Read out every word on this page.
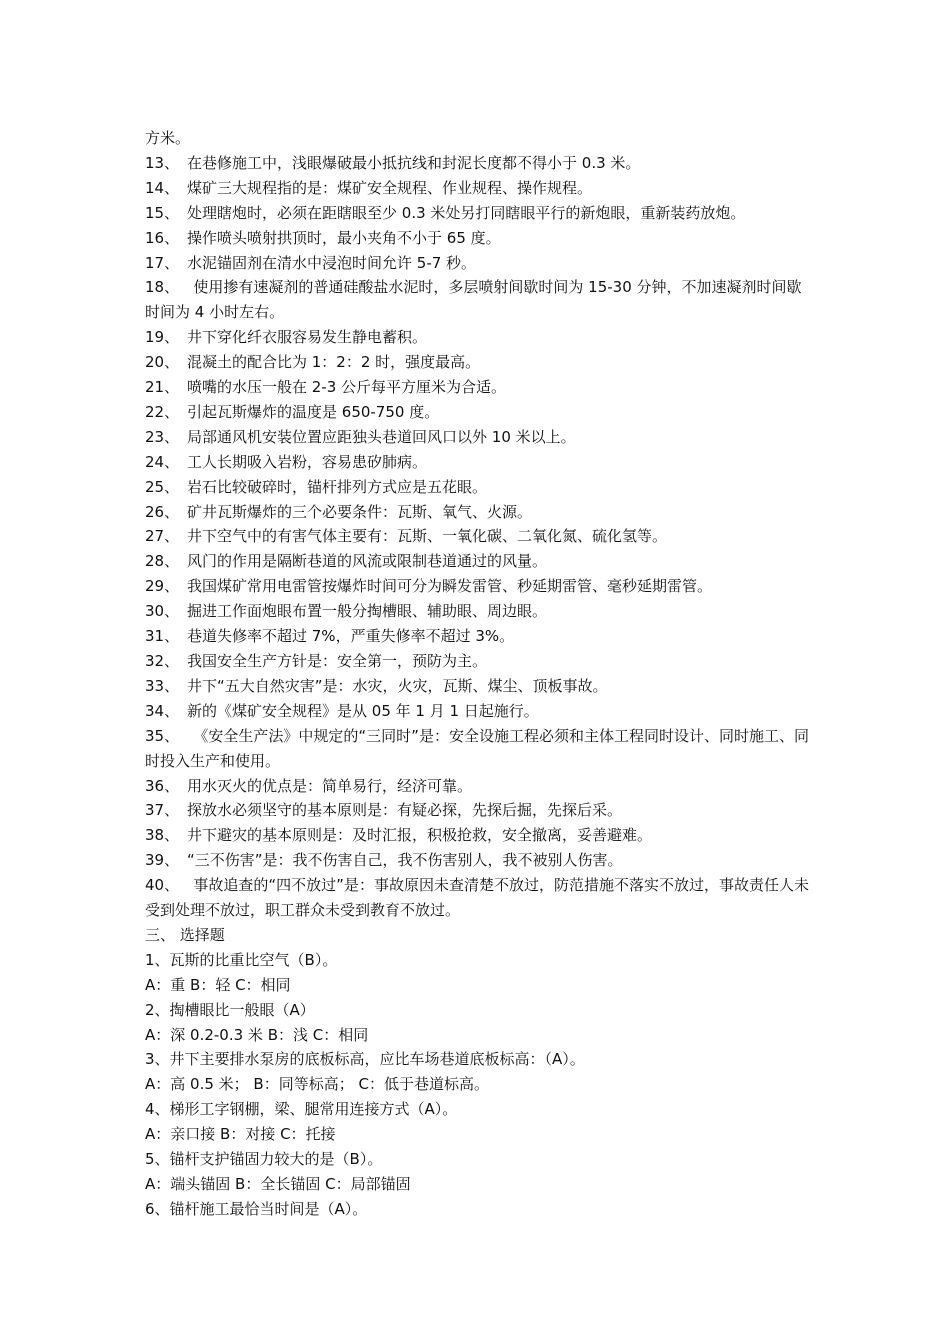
方米。
13、 在巷修施工中，浅眼爆破最小抵抗线和封泥长度都不得小于 0.3 米。
14、 煤矿三大规程指的是：煤矿安全规程、作业规程、操作规程。
15、 处理瞎炮时，必须在距瞎眼至少 0.3 米处另打同瞎眼平行的新炮眼，重新装药放炮。
16、 操作喷头喷射拱顶时，最小夹角不小于 65 度。
17、 水泥锚固剂在清水中浸泡时间允许 5-7 秒。
18、 使用掺有速凝剂的普通硅酸盐水泥时，多层喷射间歇时间为 15-30 分钟，不加速凝剂时间歇时间为 4 小时左右。
19、 井下穿化纤衣服容易发生静电蓄积。
20、 混凝土的配合比为 1：2：2 时，强度最高。
21、 喷嘴的水压一般在 2-3 公斤每平方厘米为合适。
22、 引起瓦斯爆炸的温度是 650-750 度。
23、 局部通风机安装位置应距独头巷道回风口以外 10 米以上。
24、 工人长期吸入岩粉，容易患矽肺病。
25、 岩石比较破碎时，锚杆排列方式应是五花眼。
26、 矿井瓦斯爆炸的三个必要条件：瓦斯、氧气、火源。
27、 井下空气中的有害气体主要有：瓦斯、一氧化碳、二氧化氮、硫化氢等。
28、 风门的作用是隔断巷道的风流或限制巷道通过的风量。
29、 我国煤矿常用电雷管按爆炸时间可分为瞬发雷管、秒延期雷管、毫秒延期雷管。
30、 掘进工作面炮眼布置一般分掏槽眼、辅助眼、周边眼。
31、 巷道失修率不超过 7%，严重失修率不超过 3%。
32、 我国安全生产方针是：安全第一，预防为主。
33、 井下“五大自然灾害”是：水灾，火灾，瓦斯、煤尘、顶板事故。
34、 新的《煤矿安全规程》是从 05 年 1 月 1 日起施行。
35、 《安全生产法》中规定的“三同时”是：安全设施工程必须和主体工程同时设计、同时施工、同时投入生产和使用。
36、 用水灭火的优点是：简单易行，经济可靠。
37、 探放水必须坚守的基本原则是：有疑必探，先探后掘，先探后采。
38、 井下避灾的基本原则是：及时汇报，积极抢救，安全撤离，妥善避难。
39、 “三不伤害”是：我不伤害自己，我不伤害别人，我不被别人伤害。
40、 事故追查的“四不放过”是：事故原因未查清楚不放过，防范措施不落实不放过，事故责任人未受到处理不放过，职工群众未受到教育不放过。
三、 选择题
1、瓦斯的比重比空气（B）。
A：重 B：轻 C：相同
2、掏槽眼比一般眼（A）
A：深 0.2-0.3 米 B：浅 C：相同
3、井下主要排水泵房的底板标高，应比车场巷道底板标高：（A）。
A：高 0.5 米； B：同等标高； C：低于巷道标高。
4、梯形工字钢棚，梁、腿常用连接方式（A）。
A：亲口接 B：对接 C：托接
5、锚杆支护锚固力较大的是（B）。
A：端头锚固 B：全长锚固 C：局部锚固
6、锚杆施工最恰当时间是（A）。
